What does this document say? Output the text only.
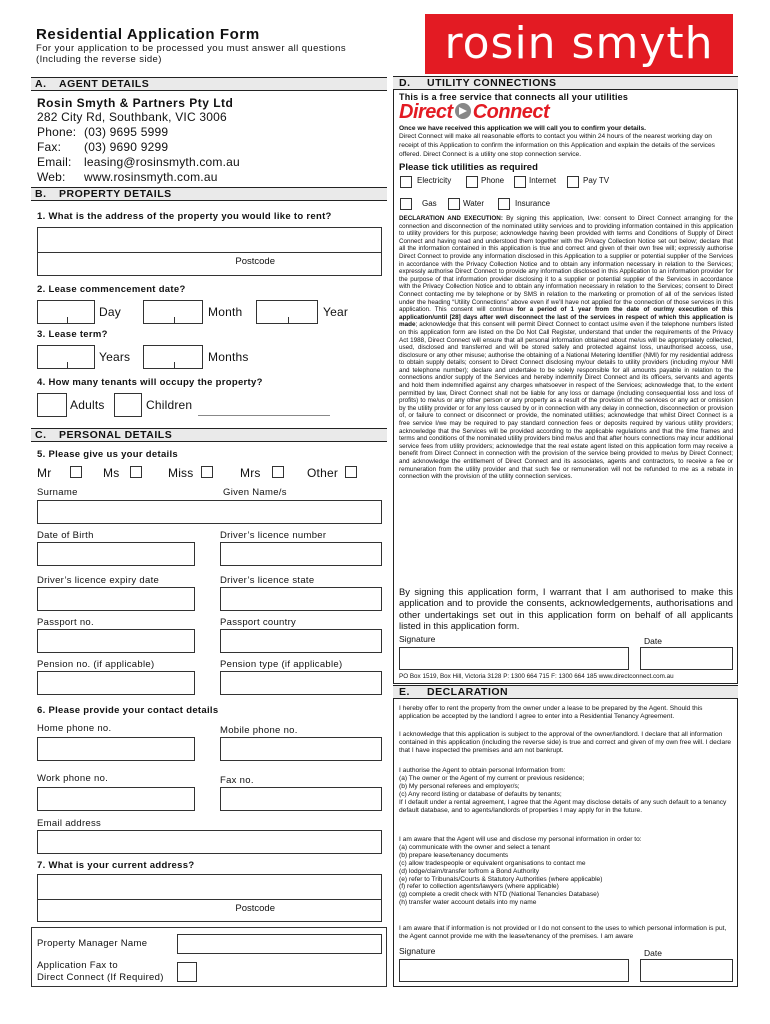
Residential Application Form
For your application to be processed you must answer all questions
(Including the reverse side)	rosin smyth
A. AGENT DETAILS
Rosin Smyth & Partners Pty Ltd
282 City Rd, Southbank, VIC 3006
Phone: (03) 9695 5999
Fax: (03) 9690 9299
Email: leasing@rosinsmyth.com.au
Web: www.rosinsmyth.com.au
B. PROPERTY DETAILS
1. What is the address of the property you would like to rent?
Postcode
2. Lease commencement date?
Day	Month	Year
3. Lease term?
Years	Months
4. How many tenants will occupy the property?
Adults	Children
C. PERSONAL DETAILS
5. Please give us your details
Mr	Ms	Miss	Mrs	Other
Surname	Given Name/s
Date of Birth	Driver’s licence number
Driver’s licence expiry date	Driver’s licence state
Passport no.	Passport country
Pension no. (if applicable)	Pension type (if applicable)
6. Please provide your contact details
Home phone no.	Mobile phone no.
Work phone no.	Fax no.
Email address
7. What is your current address?
Postcode
Property Manager Name
Application Fax to
Direct Connect (If Required)
D. UTILITY CONNECTIONS
This is a free service that connects all your utilities
Direct Connect
Once we have received this application we will call you to confirm your details.
Direct Connect will make all reasonable efforts to contact you within 24 hours of the nearest working day on receipt of this Application to confirm the information on this Application and explain the details of the services offered. Direct Connect is a utility one stop connection service.
Please tick utilities as required
Electricity	Phone	Internet	Pay TV
Gas	Water	Insurance
DECLARATION AND EXECUTION: By signing this application, I/we: consent to Direct Connect arranging for the connection and disconnection of the nominated utility services and to providing information contained in this application to utility providers for this purpose; acknowledge having been provided with terms and Conditions of Supply of Direct Connect and having read and understood them together with the Privacy Collection Notice set out below; declare that all the information contained in this application is true and correct and given of their own free will; expressly authorise Direct Connect to provide any information disclosed in this Application to a supplier or potential supplier of the Services in accordance with the Privacy Collection Notice and to obtain any information necessary in relation to the Services; expressly authorise Direct Connect to provide any information disclosed in this Application to an information provider for the purpose of that information provider disclosing it to a supplier or potential supplier of the Services in accordance with the Privacy Collection Notice and to obtain any information necessary in relation to the Services; consent to Direct Connect contacting me by telephone or by SMS in relation to the marketing or promotion of all of the services listed under the heading “Utility Connections” above even if we’ll have not applied for the connection of those services in this application. This consent will continue for a period of 1 year from the date of our/my execution of this application/until [28] days after we/I disconnect the last of the services in respect of which this application is made; acknowledge that this consent will permit Direct Connect to contact us/me even if the telephone numbers listed on this application form are listed on the Do Not Call Register, understand that under the requirements of the Privacy Act 1988, Direct Connect will ensure that all personal information obtained about me/us will be appropriately collected, used, disclosed and transferred and will be stored safely and protected against loss, unauthorised access, use, disclosure or any other misuse; authorise the obtaining of a National Metering Identifier (NMI) for my residential address to obtain supply details; consent to Direct Connect disclosing my/our details to utility providers (including my/our NMI and telephone number); declare and undertake to be solely responsible for all amounts payable in relation to the connections and/or supply of the Services and hereby indemnify Direct Connect and its officers, servants and agents and hold them indemnified against any charges whatsoever in respect of the Services; acknowledge that, to the extent permitted by law, Direct Connect shall not be liable for any loss or damage (including consequential loss and loss of profits) to me/us or any other person or any property as a result of the provision of the services or any act or omission by the utility provider or for any loss caused by or in connection with any delay in connection, disconnection or provision of, or failure to connect or disconnect or provide, the nominated utilities; acknowledge that whilst Direct Connect is a free service I/we may be required to pay standard connection fees or deposits required by various utility providers; acknowledge that the Services will be provided according to the applicable regulations and that the time frames and terms and conditions of the nominated utility providers bind me/us and that after hours connections may incur additional service fees from utility providers; acknowledge that the real estate agent listed on this application form may receive a benefit from Direct Connect in connection with the provision of the service being provided to me/us by Direct Connect; and acknowledge the entitlement of Direct Connect and its associates, agents and contractors, to receive a fee or remuneration from the utility provider and that such fee or remuneration will not be refunded to me as a rebate in connection with the provision of the utility connection services.
By signing this application form, I warrant that I am authorised to make this application and to provide the consents, acknowledgements, authorisations and other undertakings set out in this application form on behalf of all applicants listed in this application form.
Signature	Date
PO Box 1519, Box Hill, Victoria 3128 P: 1300 664 715 F: 1300 664 185 www.directconnect.com.au
E. DECLARATION
I hereby offer to rent the property from the owner under a lease to be prepared by the Agent. Should this application be accepted by the landlord I agree to enter into a Residential Tenancy Agreement.
I acknowledge that this application is subject to the approval of the owner/landlord. I declare that all information contained in this application (including the reverse side) is true and correct and given of my own free will. I declare that I have inspected the premises and am not bankrupt.
I authorise the Agent to obtain personal Information from:
(a) The owner or the Agent of my current or previous residence;
(b) My personal referees and employer/s;
(c) Any record listing or database of defaults by tenants;
If I default under a rental agreement, I agree that the Agent may disclose details of any such default to a tenancy default database, and to agents/landlords of properties I may apply for in the future.
I am aware that the Agent will use and disclose my personal information in order to:
(a) communicate with the owner and select a tenant
(b) prepare lease/tenancy documents
(c) allow tradespeople or equivalent organisations to contact me
(d) lodge/claim/transfer to/from a Bond Authority
(e) refer to Tribunals/Courts & Statutory Authorities (where applicable)
(f) refer to collection agents/lawyers (where applicable)
(g) complete a credit check with NTD (National Tenancies Database)
(h) transfer water account details into my name
I am aware that if information is not provided or I do not consent to the uses to which personal information is put, the Agent cannot provide me with the lease/tenancy of the premises. I am aware
Signature	Date
